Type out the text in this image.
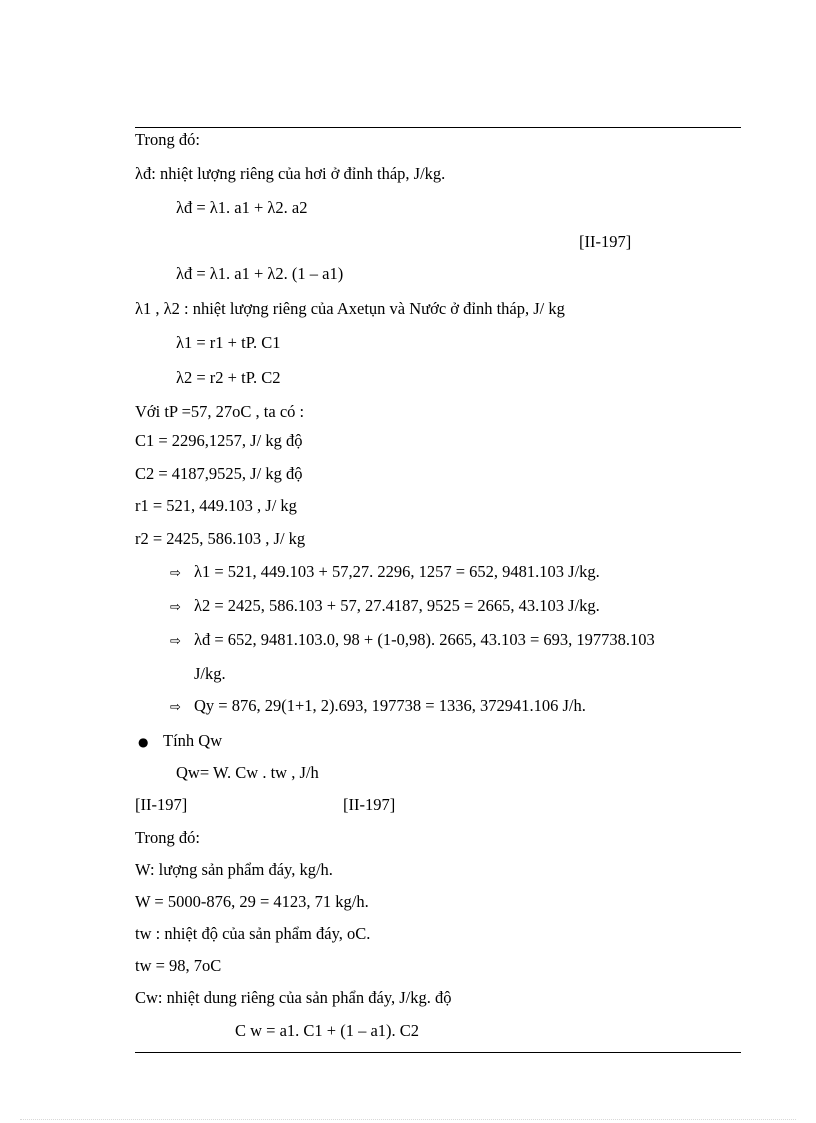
Trong đó:
λđ: nhiệt lượng riêng của hơi ở đỉnh tháp, J/kg.
λđ = λ1. a1 + λ2. a2
[II-197]
λđ = λ1. a1 + λ2. (1 – a1)
λ1 , λ2 : nhiệt lượng riêng của Axetụn và Nước ở đỉnh tháp, J/ kg
λ1 = r1 + tP. C1
λ2 = r2 + tP. C2
Với tP =57, 27oC , ta có :
C1 = 2296,1257, J/ kg độ
C2 = 4187,9525, J/ kg độ
r1 = 521, 449.103 , J/ kg
r2 = 2425, 586.103 , J/ kg
⇨ λ1 = 521, 449.103 + 57,27. 2296, 1257 = 652, 9481.103 J/kg.
⇨ λ2 = 2425, 586.103 + 57, 27.4187, 9525 = 2665, 43.103 J/kg.
⇨ λđ = 652, 9481.103.0, 98 + (1-0,98). 2665, 43.103 = 693, 197738.103
J/kg.
⇨ Qy = 876, 29(1+1, 2).693, 197738 = 1336, 372941.106 J/h.
● Tính Qw
Qw= W. Cw . tw , J/h
[II-197]	[II-197]
Trong đó:
W: lượng sản phẩm đáy, kg/h.
W = 5000-876, 29 = 4123, 71 kg/h.
tw : nhiệt độ của sản phẩm đáy, oC.
tw = 98, 7oC
Cw: nhiệt dung riêng của sản phẩn đáy, J/kg. độ
C w = a1. C1 + (1 – a1). C2
